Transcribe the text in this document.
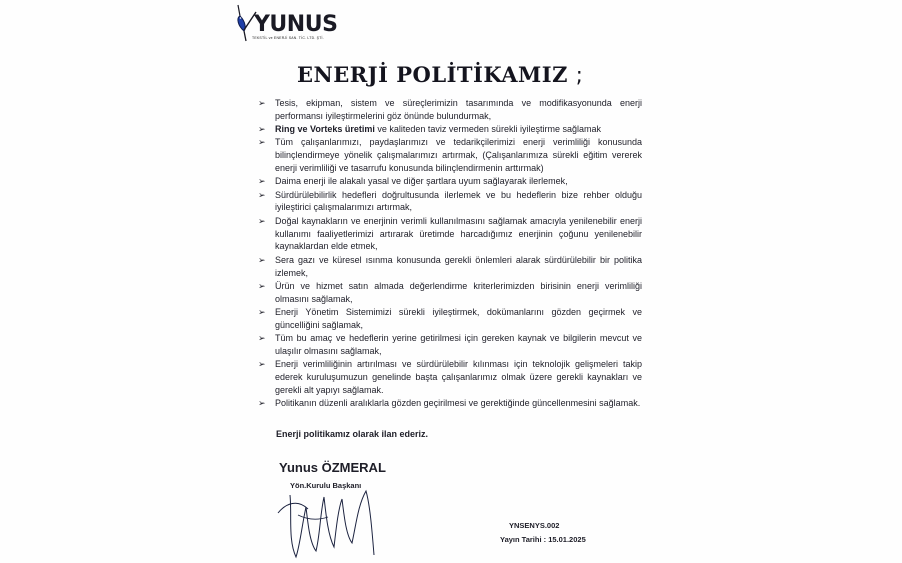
YUNUS
TEKSTİL ve ENERJİ SAN. TİC. LTD. ŞTİ.
ENERJİ POLİTİKAMIZ ;
➢ Tesis, ekipman, sistem ve süreçlerimizin tasarımında ve modifikasyonunda enerji performansı iyileştirmelerini göz önünde bulundurmak,
➢ Ring ve Vorteks üretimi ve kaliteden taviz vermeden sürekli iyileştirme sağlamak
➢ Tüm çalışanlarımızı, paydaşlarımızı ve tedarikçilerimizi enerji verimliliği konusunda bilinçlendirmeye yönelik çalışmalarımızı artırmak, (Çalışanlarımıza sürekli eğitim vererek enerji verimliliği ve tasarrufu konusunda bilinçlendirmenin arttırmak)
➢ Daima enerji ile alakalı yasal ve diğer şartlara uyum sağlayarak ilerlemek,
➢ Sürdürülebilirlik hedefleri doğrultusunda ilerlemek ve bu hedeflerin bize rehber olduğu iyileştirici çalışmalarımızı artırmak,
➢ Doğal kaynakların ve enerjinin verimli kullanılmasını sağlamak amacıyla yenilenebilir enerji kullanımı faaliyetlerimizi artırarak üretimde harcadığımız enerjinin çoğunu yenilenebilir kaynaklardan elde etmek,
➢ Sera gazı ve küresel ısınma konusunda gerekli önlemleri alarak sürdürülebilir bir politika izlemek,
➢ Ürün ve hizmet satın almada değerlendirme kriterlerimizden birisinin enerji verimliliği olmasını sağlamak,
➢ Enerji Yönetim Sistemimizi sürekli iyileştirmek, dokümanlarını gözden geçirmek ve güncelliğini sağlamak,
➢ Tüm bu amaç ve hedeflerin yerine getirilmesi için gereken kaynak ve bilgilerin mevcut ve ulaşılır olmasını sağlamak,
➢ Enerji verimliliğinin artırılması ve sürdürülebilir kılınması için teknolojik gelişmeleri takip ederek kuruluşumuzun genelinde başta çalışanlarımız olmak üzere gerekli kaynakları ve gerekli alt yapıyı sağlamak.
➢ Politikanın düzenli aralıklarla gözden geçirilmesi ve gerektiğinde güncellenmesini sağlamak.
Enerji politikamız olarak ilan ederiz.
Yunus ÖZMERAL
Yön.Kurulu Başkanı
YNSENYS.002
Yayın Tarihi : 15.01.2025
